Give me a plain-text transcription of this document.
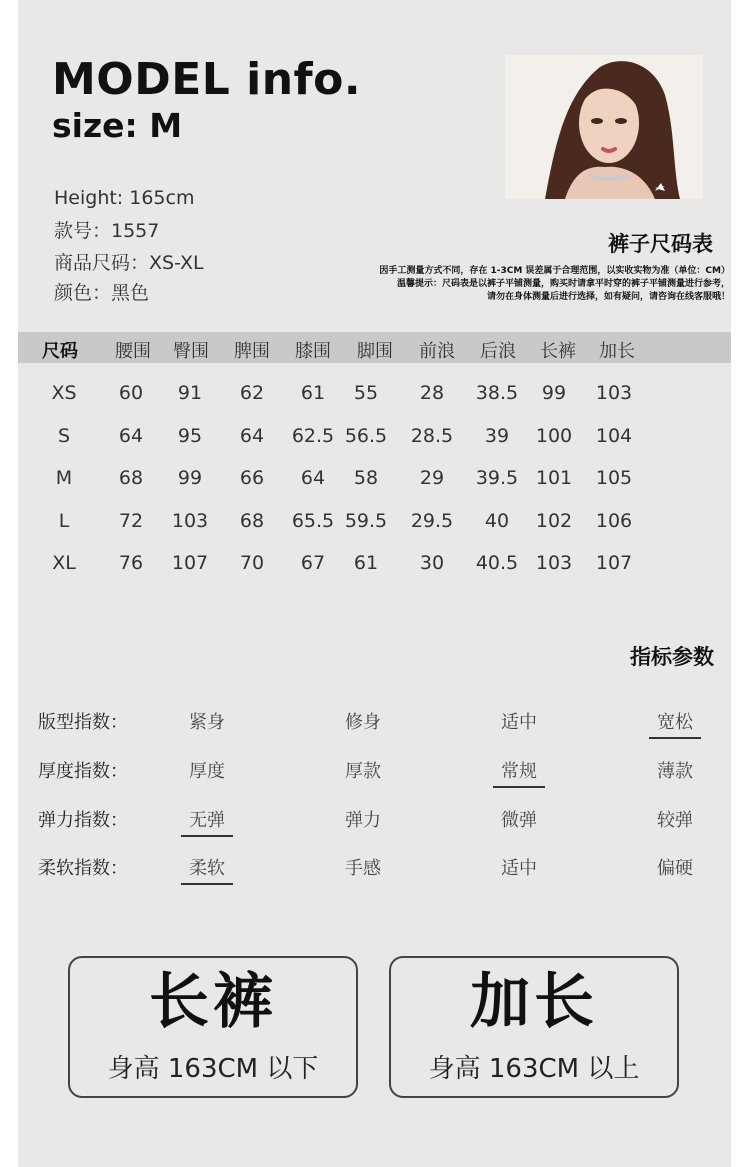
MODEL info.
size: M
Height: 165cm
款号：1557
商品尺码：XS-XL
颜色：黑色
裤子尺码表
因手工测量方式不同，存在 1-3CM 误差属于合理范围，以实收实物为准（单位：CM）
温馨提示：尺码表是以裤子平铺测量，购买时请拿平时穿的裤子平铺测量进行参考，
请勿在身体测量后进行选择，如有疑问，请咨询在线客服哦！
尺码	腰围	臀围	脾围	膝围	脚围	前浪	后浪	长裤	加长
XS	60	91	62	61	55	28	38.5	99	103
S	64	95	64	62.5 56.5	28.5	39	100	104
M	68	99	66	64	58	29	39.5 101	105
L	72	103	68	65.5 59.5	29.5	40	102	106
XL	76	107	70	67	61	30	40.5 103	107
指标参数
版型指数：	紧身	修身	适中	宽松
厚度指数：	厚度	厚款	常规	薄款
弹力指数：	无弹	弹力	微弹	较弹
柔软指数：	柔软	手感	适中	偏硬
长裤
身高 163CM 以下
加长
身高 163CM 以上
